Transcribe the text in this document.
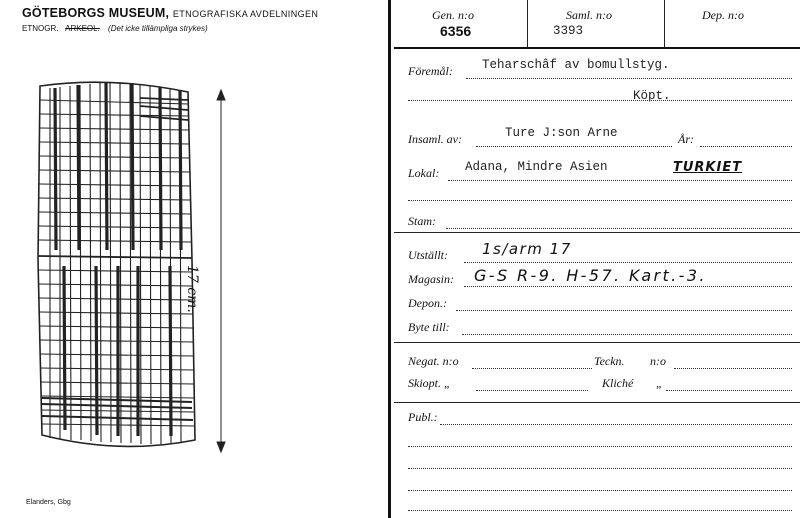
GÖTEBORGS MUSEUM, ETNOGRAFISKA AVDELNINGEN
ETNOGR. ARKEOL. (Det icke tillämpliga strykes)
17 cm.
Elanders, Gbg
Gen. n:o
6356
Saml. n:o
3393
Dep. n:o
Föremål: Teharschâf av bomullstyg.
Köpt.
Insaml. av:	Ture J:son Arne	År:
Lokal: Adana, Mindre Asien	TURKIET
Stam:
Utställt: 1s/arm 17
Magasin: G-S R-9. H-57. Kart.-3.
Depon.:
Byte till:
Negat. n:o	Teckn. n:o
Skiopt. „	Kliché „
Publ.:
